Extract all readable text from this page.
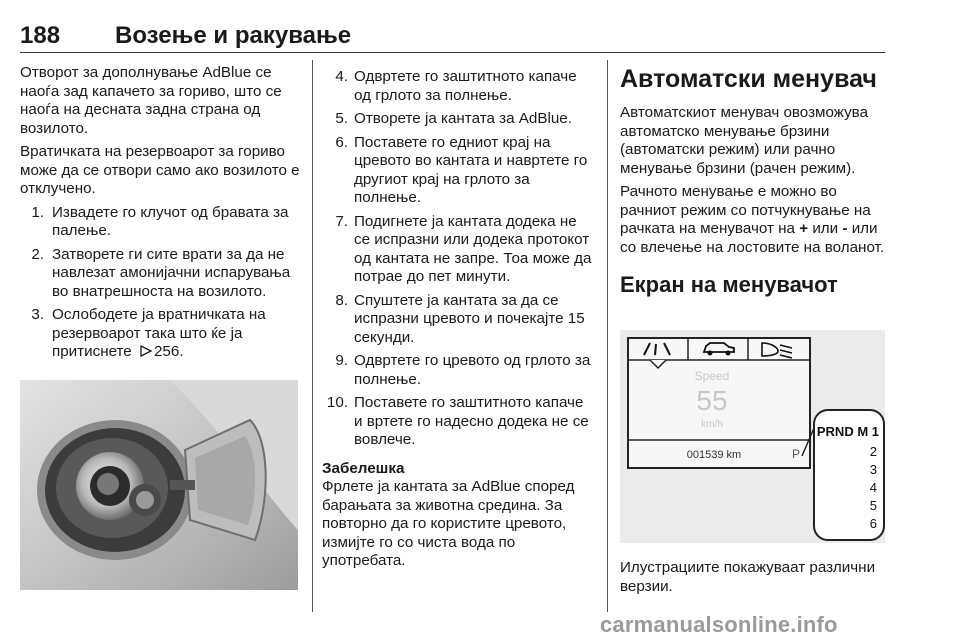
188 Возење и ракување

Отворот за дополнување AdBlue се наоѓа зад капачето за гориво, што се наоѓа на десната задна страна од возилото.

Вратичката на резервоарот за гориво може да се отвори само ако возилото е отклучено.

1. Извадете го клучот од бравата за палење.
2. Затворете ги сите врати за да не навлезат амонијачни испарувања во внатрешноста на возилото.
3. Ослободете ја вратничката на резервоарот така што ќе ја притиснете 256.
4. Одвртете го заштитното капаче од грлото за полнење.
5. Отворете ја кантата за AdBlue.
6. Поставете го едниот крај на цревото во кантата и навртете го другиот крај на грлото за полнење.
7. Подигнете ја кантата додека не се испразни или додека протокот од кантата не запре. Тоа може да потрае до пет минути.
8. Спуштете ја кантата за да се испразни цревото и почекајте 15 секунди.
9. Одвртете го цревото од грлото за полнење.
10. Поставете го заштитното капаче и вртете го надесно додека не се вовлече.

Забелешка

Фрлете ја кантата за AdBlue според барањата за животна средина. За повторно да го користите цревото, измијте го со чиста вода по употребата.

Автоматски менувач

Автоматскиот менувач овозможува автоматско менување брзини (автоматски режим) или рачно менување брзини (рачен режим).

Рачното менување е можно во рачниот режим со потчукнување на рачката на менувачот на + или - или со влечење на лостовите на воланот.

Екран на менувачот
Speed
55
km/h
001539 km	P
PRND M 1
2
3
4
5
6
Илустрациите покажуваат различни верзии.
carmanualsonline.info
